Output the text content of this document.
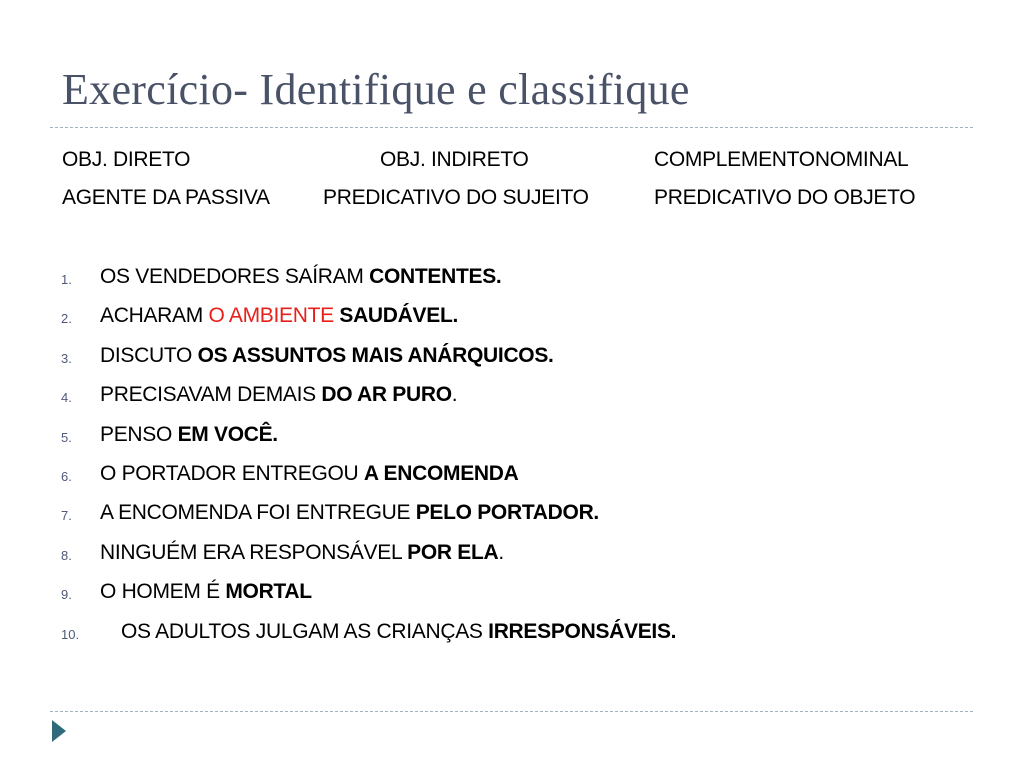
Exercício- Identifique e classifique
OBJ. DIRETO	OBJ. INDIRETO	COMPLEMENTONOMINAL
AGENTE DA PASSIVA	PREDICATIVO DO SUJEITO	PREDICATIVO DO OBJETO
1. OS VENDEDORES SAÍRAM CONTENTES.
2. ACHARAM O AMBIENTE SAUDÁVEL.
3. DISCUTO OS ASSUNTOS MAIS ANÁRQUICOS.
4. PRECISAVAM DEMAIS DO AR PURO.
5. PENSO EM VOCÊ.
6. O PORTADOR ENTREGOU A ENCOMENDA
7. A ENCOMENDA FOI ENTREGUE PELO PORTADOR.
8. NINGUÉM ERA RESPONSÁVEL POR ELA.
9. O HOMEM É MORTAL
10. OS ADULTOS JULGAM AS CRIANÇAS IRRESPONSÁVEIS.
